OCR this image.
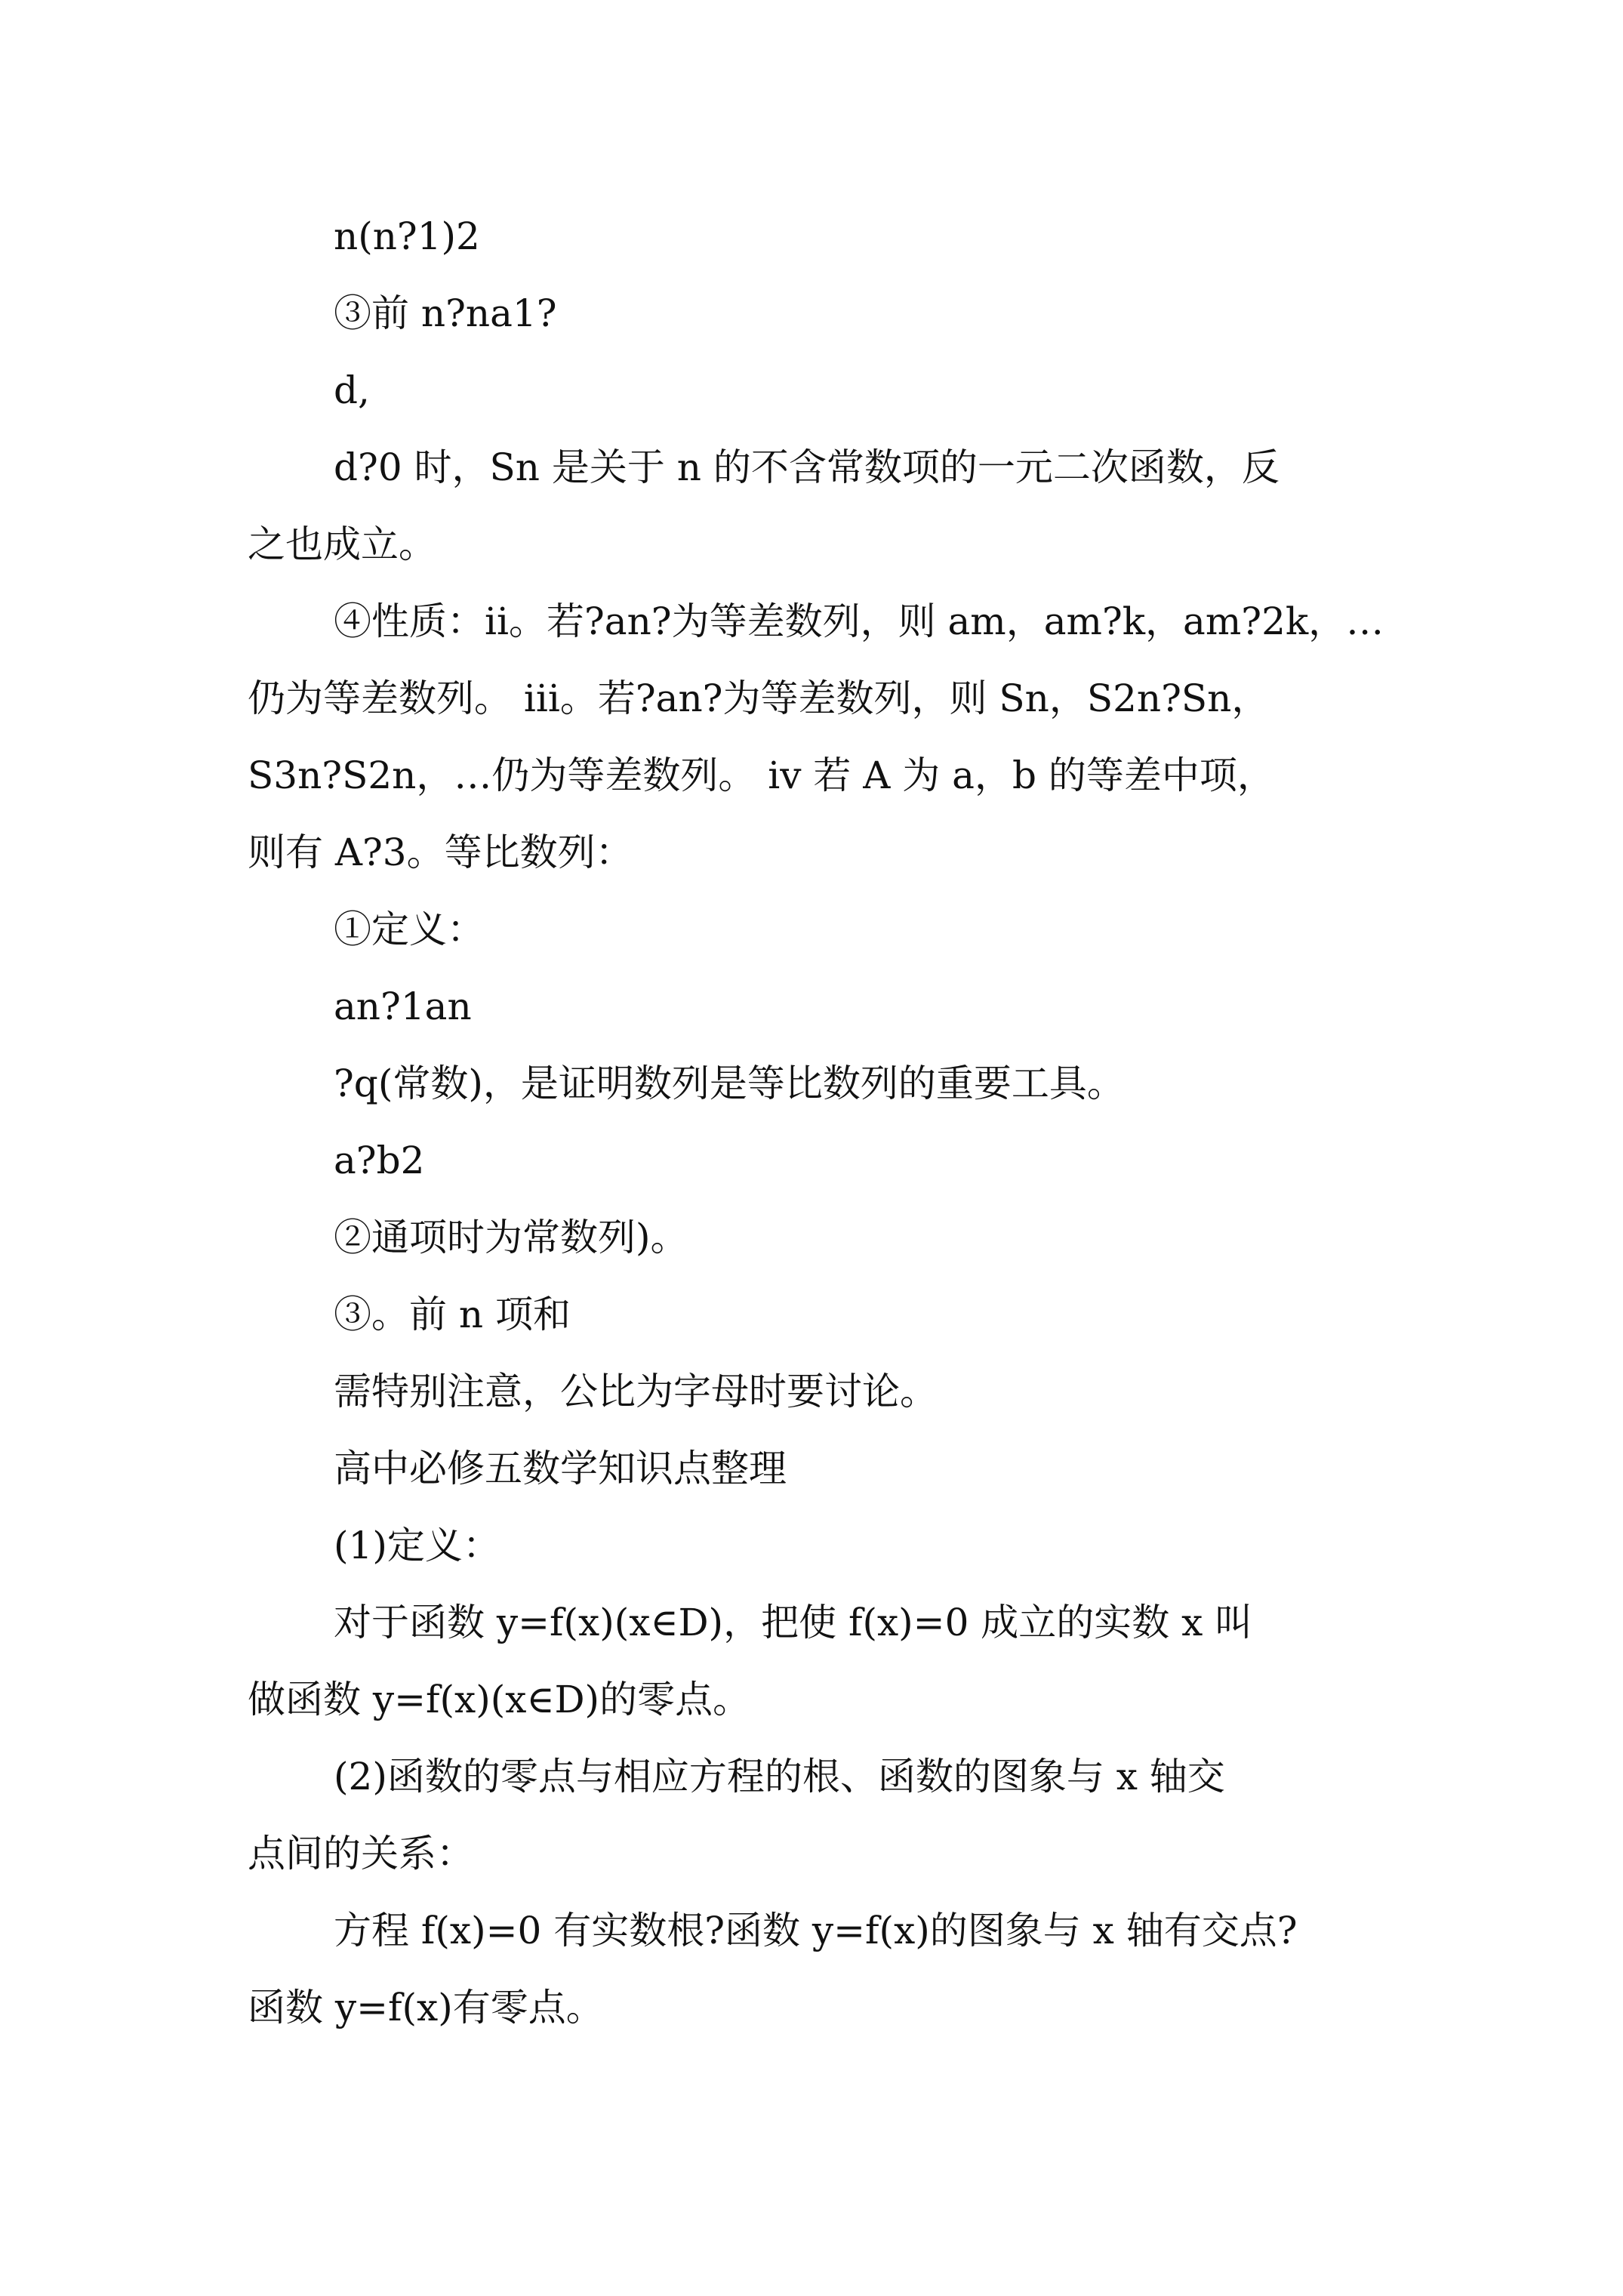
n(n?1)2
③前 n?na1?
d,
d?0 时，Sn 是关于 n 的不含常数项的一元二次函数，反
之也成立。
④性质：ii。若?an?为等差数列，则 am，am?k，am?2k，…
仍为等差数列。 iii。若?an?为等差数列，则 Sn，S2n?Sn，
S3n?S2n，…仍为等差数列。 iv 若 A 为 a，b 的等差中项，
则有 A?3。等比数列：
①定义：
an?1an
?q(常数)，是证明数列是等比数列的重要工具。
a?b2
②通项时为常数列)。
③。前 n 项和
需特别注意，公比为字母时要讨论。
高中必修五数学知识点整理
(1)定义：
对于函数 y=f(x)(x∈D)，把使 f(x)=0 成立的实数 x 叫
做函数 y=f(x)(x∈D)的零点。
(2)函数的零点与相应方程的根、函数的图象与 x 轴交
点间的关系：
方程 f(x)=0 有实数根?函数 y=f(x)的图象与 x 轴有交点?
函数 y=f(x)有零点。
